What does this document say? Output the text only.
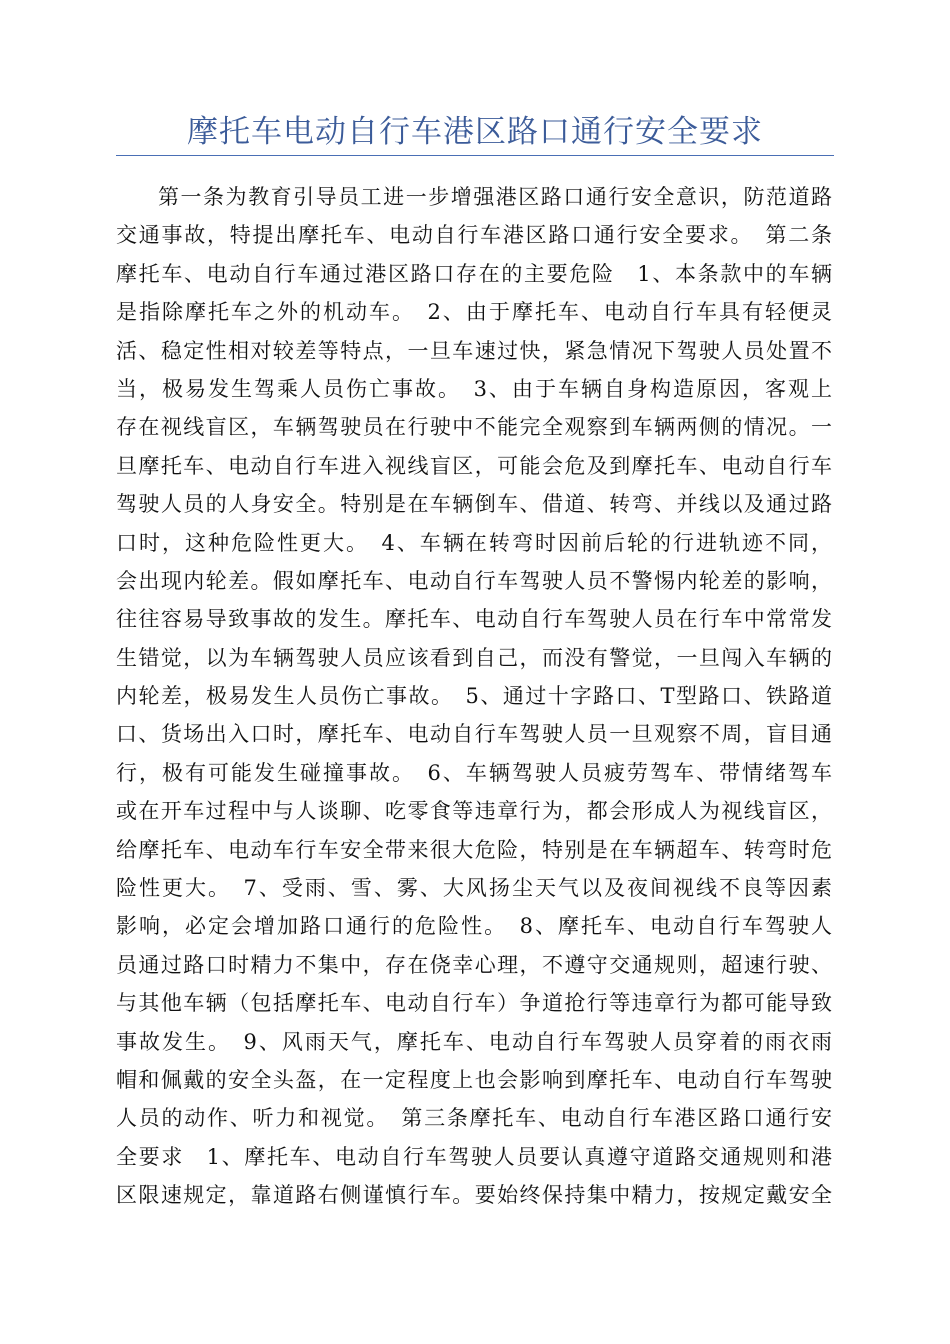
摩托车电动自行车港区路口通行安全要求
第一条为教育引导员工进一步增强港区路口通行安全意识，防范道路
交通事故，特提出摩托车、电动自行车港区路口通行安全要求。　第二条
摩托车、电动自行车通过港区路口存在的主要危险　1、本条款中的车辆
是指除摩托车之外的机动车。　2、由于摩托车、电动自行车具有轻便灵
活、稳定性相对较差等特点，一旦车速过快，紧急情况下驾驶人员处置不
当，极易发生驾乘人员伤亡事故。　3、由于车辆自身构造原因，客观上
存在视线盲区，车辆驾驶员在行驶中不能完全观察到车辆两侧的情况。一
旦摩托车、电动自行车进入视线盲区，可能会危及到摩托车、电动自行车
驾驶人员的人身安全。特别是在车辆倒车、借道、转弯、并线以及通过路
口时，这种危险性更大。　4、车辆在转弯时因前后轮的行进轨迹不同，
会出现内轮差。假如摩托车、电动自行车驾驶人员不警惕内轮差的影响，
往往容易导致事故的发生。摩托车、电动自行车驾驶人员在行车中常常发
生错觉，以为车辆驾驶人员应该看到自己，而没有警觉，一旦闯入车辆的
内轮差，极易发生人员伤亡事故。　5、通过十字路口、T型路口、铁路道
口、货场出入口时，摩托车、电动自行车驾驶人员一旦观察不周，盲目通
行，极有可能发生碰撞事故。　6、车辆驾驶人员疲劳驾车、带情绪驾车
或在开车过程中与人谈聊、吃零食等违章行为，都会形成人为视线盲区，
给摩托车、电动车行车安全带来很大危险，特别是在车辆超车、转弯时危
险性更大。　7、受雨、雪、雾、大风扬尘天气以及夜间视线不良等因素
影响，必定会增加路口通行的危险性。　8、摩托车、电动自行车驾驶人
员通过路口时精力不集中，存在侥幸心理，不遵守交通规则，超速行驶、
与其他车辆（包括摩托车、电动自行车）争道抢行等违章行为都可能导致
事故发生。　9、风雨天气，摩托车、电动自行车驾驶人员穿着的雨衣雨
帽和佩戴的安全头盔，在一定程度上也会影响到摩托车、电动自行车驾驶
人员的动作、听力和视觉。　第三条摩托车、电动自行车港区路口通行安
全要求　1、摩托车、电动自行车驾驶人员要认真遵守道路交通规则和港
区限速规定，靠道路右侧谨慎行车。要始终保持集中精力，按规定戴安全
